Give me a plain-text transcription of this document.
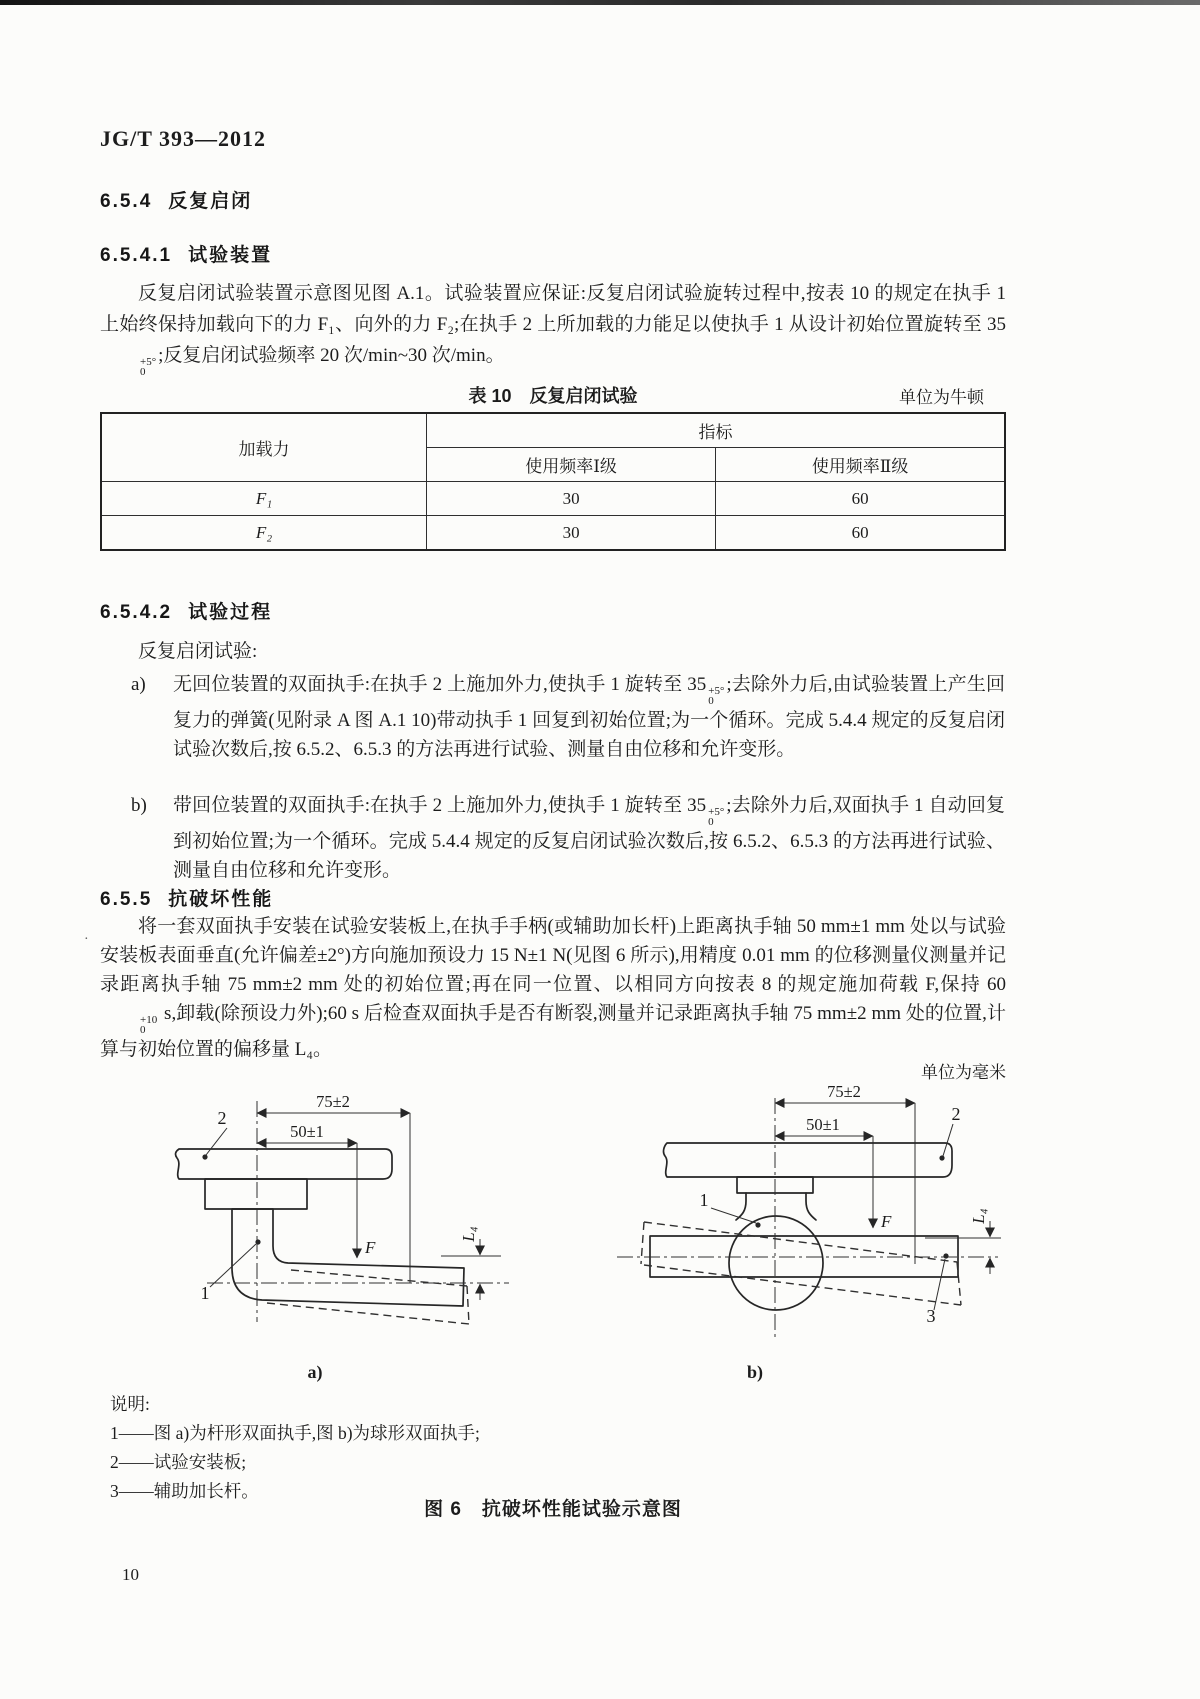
JG/T 393—2012
6.5.4 反复启闭
6.5.4.1 试验装置
反复启闭试验装置示意图见图 A.1。试验装置应保证:反复启闭试验旋转过程中,按表 10 的规定在执手 1 上始终保持加载向下的力 F₁、向外的力 F₂;在执手 2 上所加载的力能足以使执手 1 从设计初始位置旋转至 35
+5°
0
;反复启闭试验频率 20 次/min~30 次/min。
表 10　反复启闭试验	单位为牛顿
加载力	指标	
	使用频率Ⅰ级	使用频率Ⅱ级
F₁	30	60
F₂	30	60
6.5.4.2 试验过程
反复启闭试验:
a)	无回位装置的双面执手:在执手 2 上施加外力,使执手 1 旋转至 35 +5°
0
;去除外力后,由试验装置上产生回复力的弹簧(见附录 A 图 A.1 10)带动执手 1 回复到初始位置;为一个循环。完成 5.4.4 规定的反复启闭试验次数后,按 6.5.2、6.5.3 的方法再进行试验、测量自由位移和允许变形。
b)	带回位装置的双面执手:在执手 2 上施加外力,使执手 1 旋转至 35 +5°
0
;去除外力后,双面执手 1 自动回复到初始位置;为一个循环。完成 5.4.4 规定的反复启闭试验次数后,按 6.5.2、6.5.3 的方法再进行试验、测量自由位移和允许变形。
6.5.5 抗破坏性能
·
将一套双面执手安装在试验安装板上,在执手手柄(或辅助加长杆)上距离执手轴 50 mm±1 mm 处以与试验安装板表面垂直(允许偏差±2°)方向施加预设力 15 N±1 N(见图 6 所示),用精度 0.01 mm 的位移测量仪测量并记录距离执手轴 75 mm±2 mm 处的初始位置;再在同一位置、以相同方向按表 8 的规定施加荷载 F,保持 60
+10
0
s,卸载(除预设力外);60 s 后检查双面执手是否有断裂,测量并记录距离执手轴 75 mm±2 mm 处的位置,计算与初始位置的偏移量 L₄。
单位为毫米
75±2
50±1
L₄
F
2
1
75±2
50±1
L₄
F
2
1
3
a)	b)
说明:
1——图 a)为杆形双面执手,图 b)为球形双面执手;
2——试验安装板;
3——辅助加长杆。
图 6　抗破坏性能试验示意图
10
